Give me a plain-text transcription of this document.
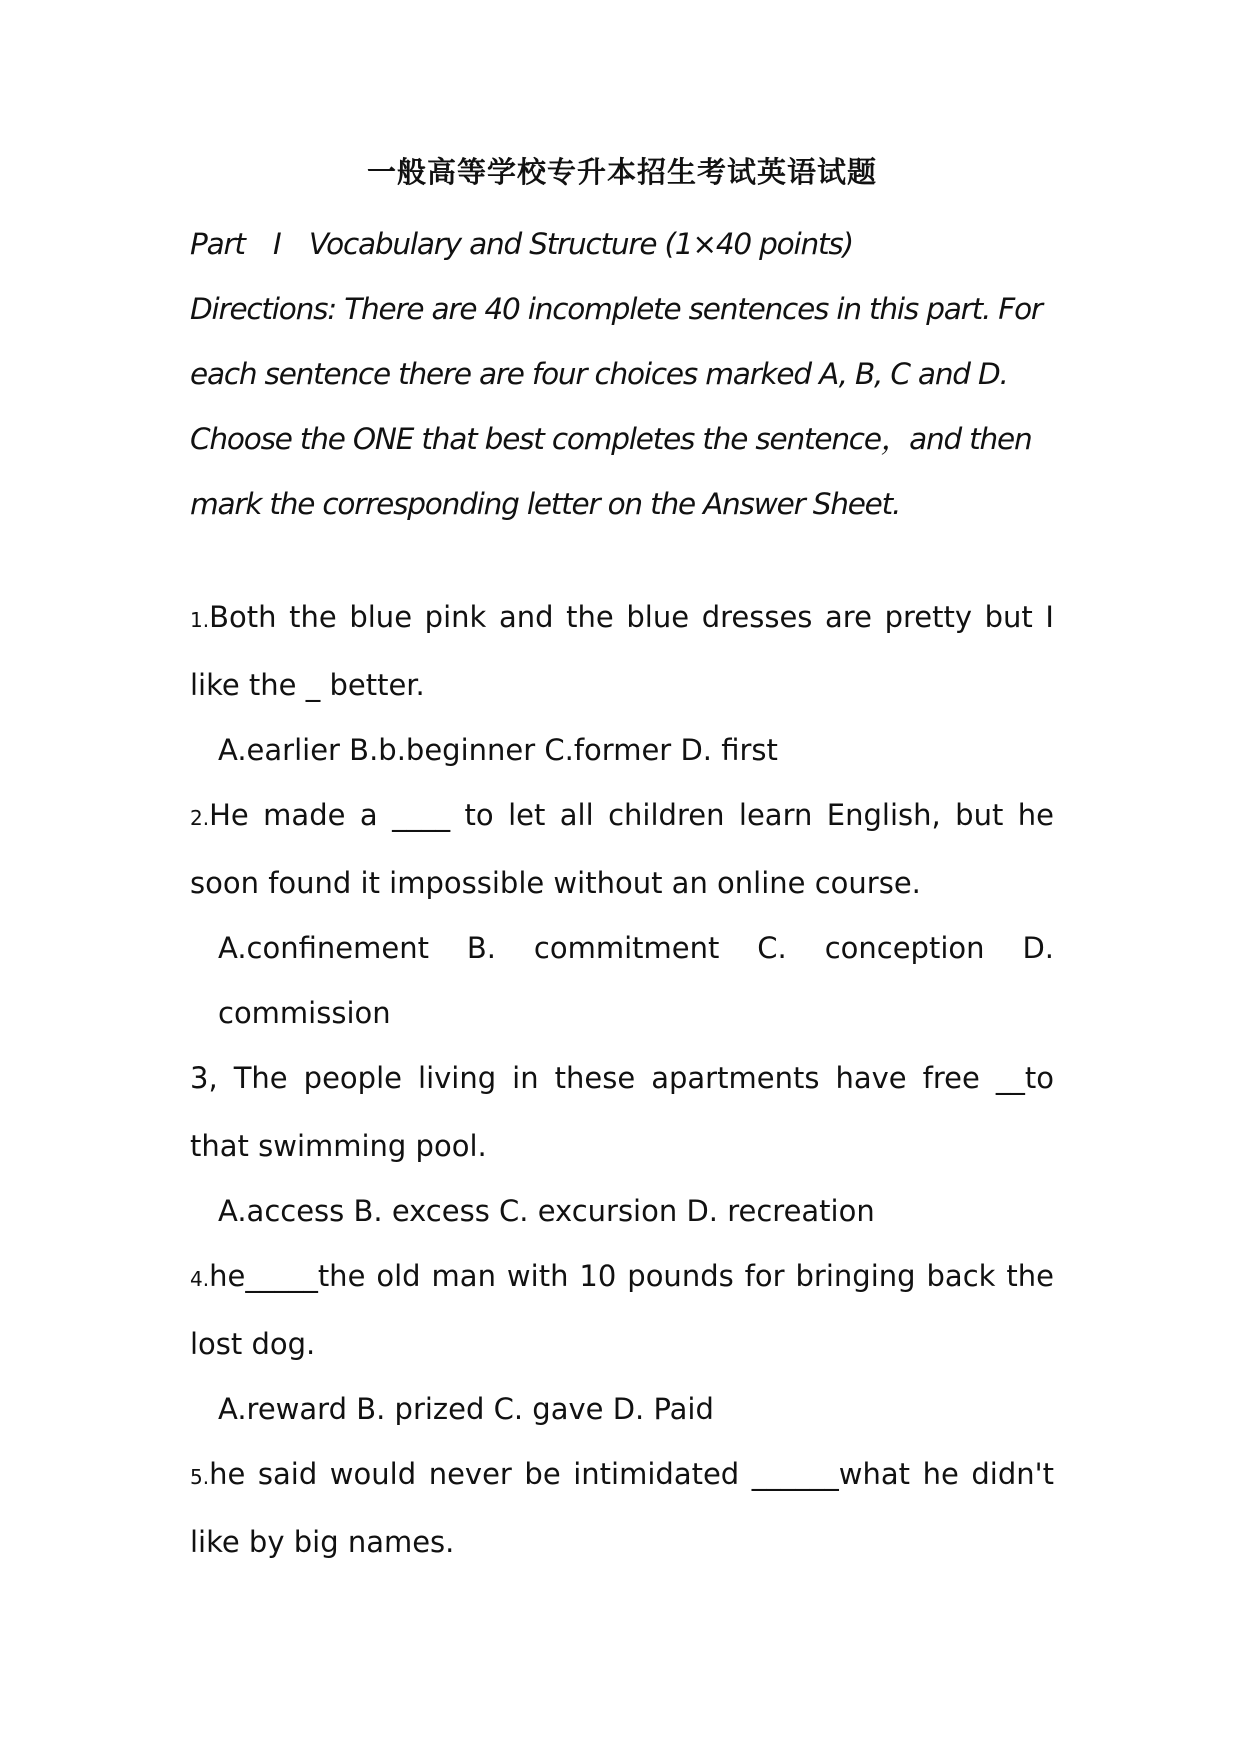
一般高等学校专升本招生考试英语试题
Part　Ⅰ　Vocabulary and Structure (1×40 points)

Directions: There are 40 incomplete sentences in this part. For each sentence there are four choices marked A, B, C and D. Choose the ONE that best completes the sentence，and then mark the corresponding letter on the Answer Sheet.

1.Both the blue pink and the blue dresses are pretty but I like the _ better.

A.earlier B.b.beginner C.former D. first

2.He made a ____ to let all children learn English, but he soon found it impossible without an online course.

A.confinement B. commitment C. conception D. commission

3, The people living in these apartments have free __to that swimming pool.

A.access B. excess C. excursion D. recreation

4.he_____the old man with 10 pounds for bringing back the lost dog.

A.reward B. prized C. gave D. Paid

5.he said would never be intimidated ______what he didn't like by big names.
